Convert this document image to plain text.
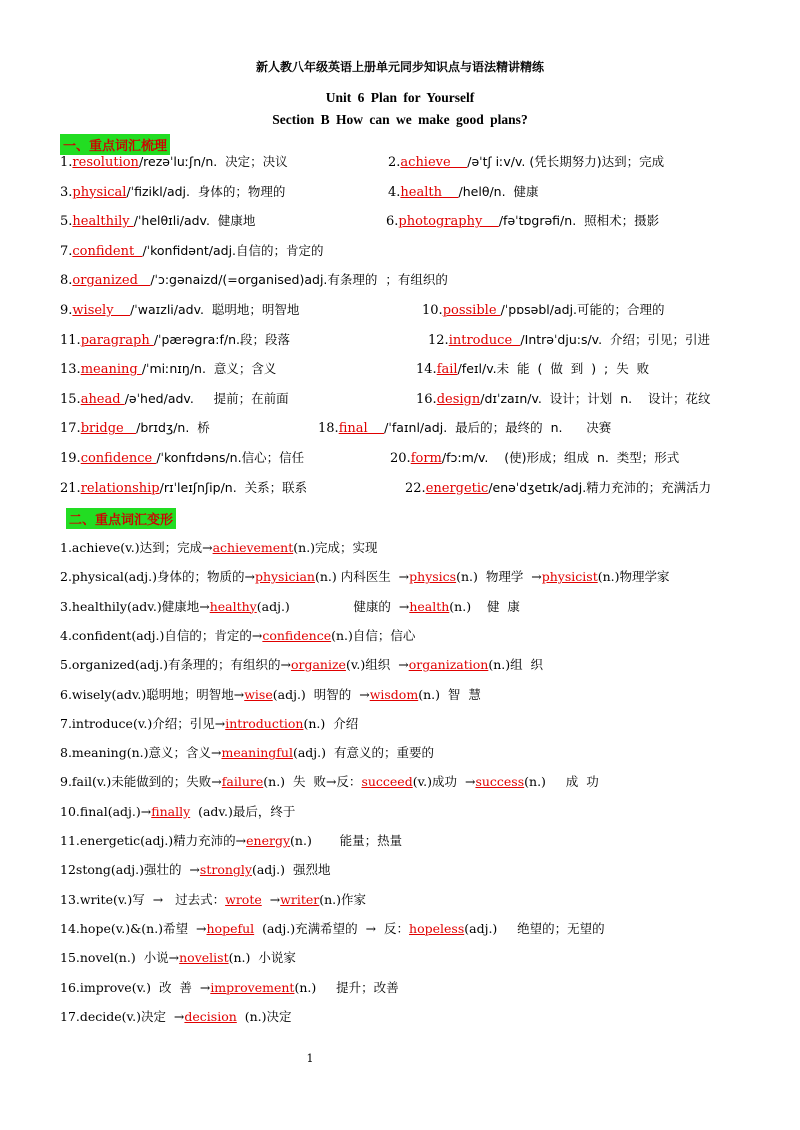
新人教八年级英语上册单元同步知识点与语法精讲精练
Unit 6 Plan for Yourself
Section B How can we make good plans?
一、重点词汇梳理
1.resolution/rezəˈluːʃn/n.  决定；决议	2.achieve    /əˈtʃ iːv/v. (凭长期努力)达到；完成
3.physical/ˈfizikl/adj.  身体的；物理的	4.health    /helθ/n.  健康
5.healthily /ˈhelθɪli/adv.  健康地	6.photography    /fəˈtɒgrəfi/n.  照相术；摄影
7.confident  /ˈkonfidənt/adj.自信的；肯定的
8.organized   /ˈɔ:gənaizd/(=organised)adj.有条理的  ；有组织的
9.wisely    /ˈwaɪzli/adv.  聪明地；明智地	10.possible /ˈpɒsəbl/adj.可能的；合理的
11.paragraph /ˈpærəgra:f/n.段；段落	12.introduce  /Intrəˈdju:s/v.  介绍；引见；引进
13.meaning /ˈmiːnɪŋ/n.  意义；含义	14.fail/feɪl/v.未  能  (  做  到  )  ;  失  败
15.ahead /əˈhed/adv.     提前；在前面	16.design/dɪˈzaɪn/v.  设计；计划  n.    设计；花纹
17.bridge   /brɪdʒ/n.  桥	18.final    /ˈfaɪnl/adj.  最后的；最终的  n.      决赛
19.confidence /ˈkonfɪdəns/n.信心；信任	20.form/fɔ:m/v.    (使)形成；组成  n.  类型；形式
21.relationship/rɪˈleɪʃnʃip/n.  关系；联系	22.energetic/enəˈdʒetɪk/adj.精力充沛的；充满活力
二、重点词汇变形
1.achieve(v.)达到；完成→achievement(n.)完成；实现
2.physical(adj.)身体的；物质的→physician(n.) 内科医生  →physics(n.)  物理学  →physicist(n.)物理学家
3.healthily(adv.)健康地→healthy(adj.)                健康的  →health(n.)    健  康
4.confident(adj.)自信的；肯定的→confidence(n.)自信；信心
5.organized(adj.)有条理的；有组织的→organize(v.)组织  →organization(n.)组  织
6.wisely(adv.)聪明地；明智地→wise(adj.)  明智的  →wisdom(n.)  智  慧
7.introduce(v.)介绍；引见→introduction(n.)  介绍
8.meaning(n.)意义；含义→meaningful(adj.)  有意义的；重要的
9.fail(v.)未能做到的；失败→failure(n.)  失  败→反：succeed(v.)成功  →success(n.)     成  功
10.final(adj.)→finally  (adv.)最后，终于
11.energetic(adj.)精力充沛的→energy(n.)       能量；热量
12stong(adj.)强壮的  →strongly(adj.)  强烈地
13.write(v.)写  →   过去式：wrote  →writer(n.)作家
14.hope(v.)&(n.)希望  →hopeful  (adj.)充满希望的  →  反：hopeless(adj.)     绝望的；无望的
15.novel(n.)  小说→novelist(n.)  小说家
16.improve(v.)  改  善  →improvement(n.)     提升；改善
17.decide(v.)决定  →decision  (n.)决定
1
